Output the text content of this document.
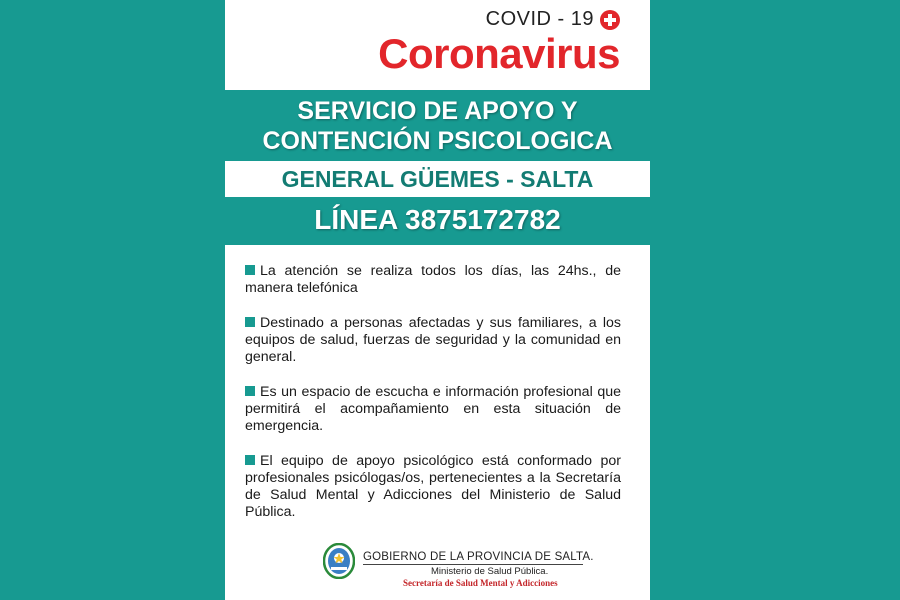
COVID - 19
Coronavirus
SERVICIO DE APOYO Y
CONTENCIÓN PSICOLOGICA
GENERAL GÜEMES - SALTA
LÍNEA 3875172782
La atención se realiza todos los días, las 24hs., de manera telefónica
Destinado a personas afectadas y sus familiares, a los equipos de salud, fuerzas de seguridad y la comunidad en general.
Es un espacio de escucha e información profesional que permitirá el acompañamiento en esta situación de emergencia.
El equipo de apoyo psicológico está conformado por profesionales psicólogas/os, pertenecientes a la Secretaría de Salud Mental y Adicciones del Ministerio de Salud Pública.
GOBIERNO DE LA PROVINCIA DE SALTA.
Ministerio de Salud Pública.
Secretaría de Salud Mental y Adicciones
